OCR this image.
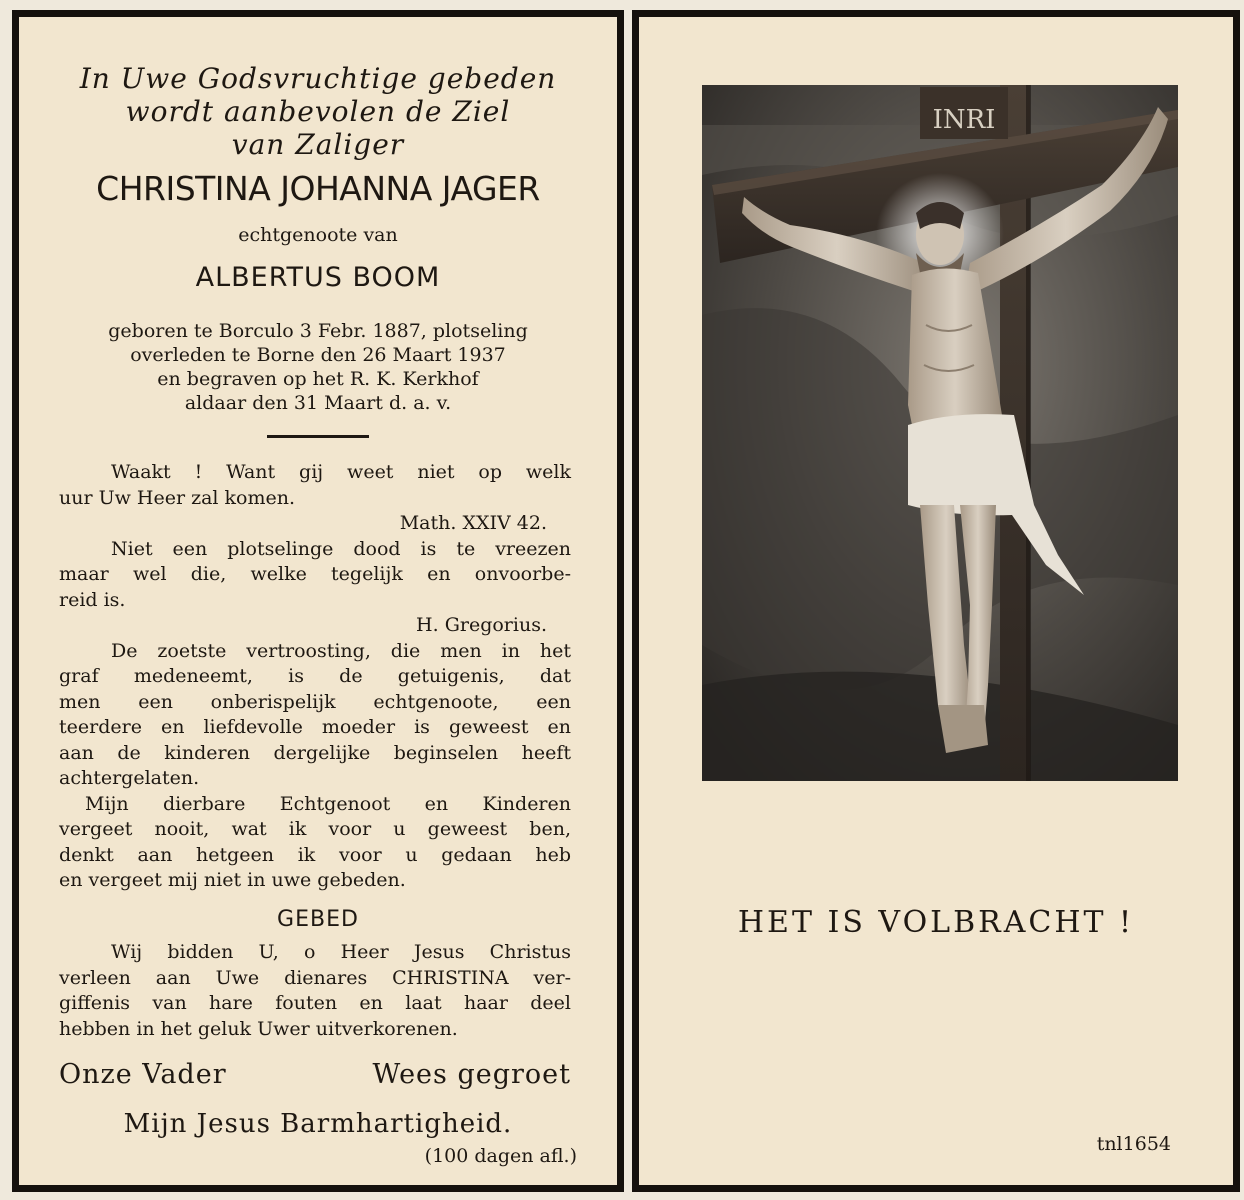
In Uwe Godsvruchtige gebeden
wordt aanbevolen de Ziel
van Zaliger
CHRISTINA JOHANNA JAGER
echtgenoote van
ALBERTUS BOOM
geboren te Borculo 3 Febr. 1887, plotseling
overleden te Borne den 26 Maart 1937
en begraven op het R. K. Kerkhof
aldaar den 31 Maart d. a. v.
Waakt ! Want gij weet niet op welk
uur Uw Heer zal komen.
Math. XXIV 42.
Niet een plotselinge dood is te vreezen
maar wel die, welke tegelijk en onvoorbe-
reid is.
H. Gregorius.
De zoetste vertroosting, die men in het
graf medeneemt, is de getuigenis, dat
men een onberispelijk echtgenoote, een
teerdere en liefdevolle moeder is geweest en
aan de kinderen dergelijke beginselen heeft
achtergelaten.
Mijn dierbare Echtgenoot en Kinderen
vergeet nooit, wat ik voor u geweest ben,
denkt aan hetgeen ik voor u gedaan heb
en vergeet mij niet in uwe gebeden.
GEBED
Wij bidden U, o Heer Jesus Christus
verleen aan Uwe dienares CHRISTINA ver-
giffenis van hare fouten en laat haar deel
hebben in het geluk Uwer uitverkorenen.
Onze Vader	Wees gegroet
Mijn Jesus Barmhartigheid.
(100 dagen afl.)
INRI
HET IS VOLBRACHT !
tnl1654
